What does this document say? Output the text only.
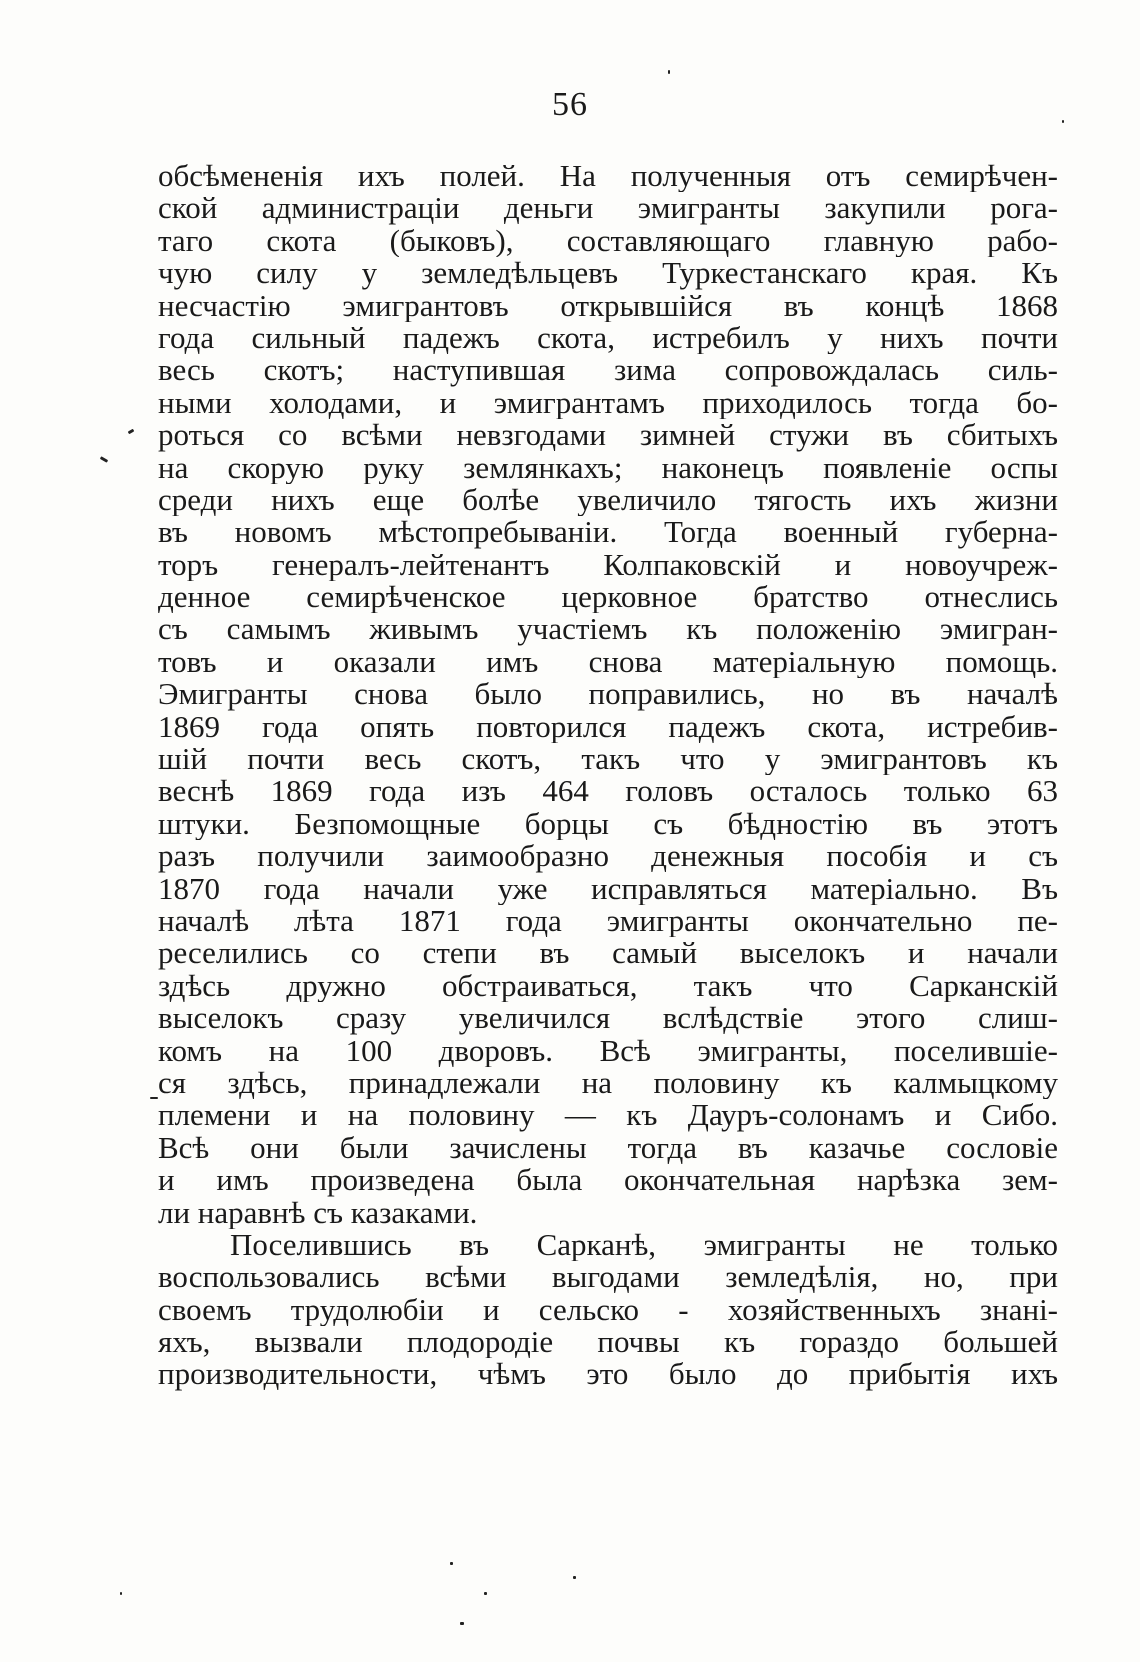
56
обсѣмененія ихъ полей. На полученныя отъ семирѣчен-
ской администраціи деньги эмигранты закупили рога-
таго скота (быковъ), составляющаго главную рабо-
чую силу у земледѣльцевъ Туркестанскаго края. Къ
несчастію эмигрантовъ открывшійся въ концѣ 1868
года сильный падежъ скота, истребилъ у нихъ почти
весь скотъ; наступившая зима сопровождалась силь-
ными холодами, и эмигрантамъ приходилось тогда бо-
роться со всѣми невзгодами зимней стужи въ сбитыхъ
на скорую руку землянкахъ; наконецъ появленіе оспы
среди нихъ еще болѣе увеличило тягость ихъ жизни
въ новомъ мѣстопребываніи. Тогда военный губерна-
торъ генералъ-лейтенантъ Колпаковскій и новоучреж-
денное семирѣченское церковное братство отнеслись
съ самымъ живымъ участіемъ къ положенію эмигран-
товъ и оказали имъ снова матеріальную помощь.
Эмигранты снова было поправились, но въ началѣ
1869 года опять повторился падежъ скота, истребив-
шій почти весь скотъ, такъ что у эмигрантовъ къ
веснѣ 1869 года изъ 464 головъ осталось только 63
штуки. Безпомощные борцы съ бѣдностію въ этотъ
разъ получили заимообразно денежныя пособія и съ
1870 года начали уже исправляться матеріально. Въ
началѣ лѣта 1871 года эмигранты окончательно пе-
реселились со степи въ самый выселокъ и начали
здѣсь дружно обстраиваться, такъ что Сарканскій
выселокъ сразу увеличился вслѣдствіе этого слиш-
комъ на 100 дворовъ. Всѣ эмигранты, поселившіе-
ся здѣсь, принадлежали на половину къ калмыцкому
племени и на половину — къ Дауръ-солонамъ и Сибо.
Всѣ они были зачислены тогда въ казачье сословіе
и имъ произведена была окончательная нарѣзка зем-
ли наравнѣ съ казаками.
Поселившись въ Сарканѣ, эмигранты не только
воспользовались всѣми выгодами земледѣлія, но, при
своемъ трудолюбіи и сельско - хозяйственныхъ знані-
яхъ, вызвали плодородіе почвы къ гораздо большей
производительности, чѣмъ это было до прибытія ихъ
